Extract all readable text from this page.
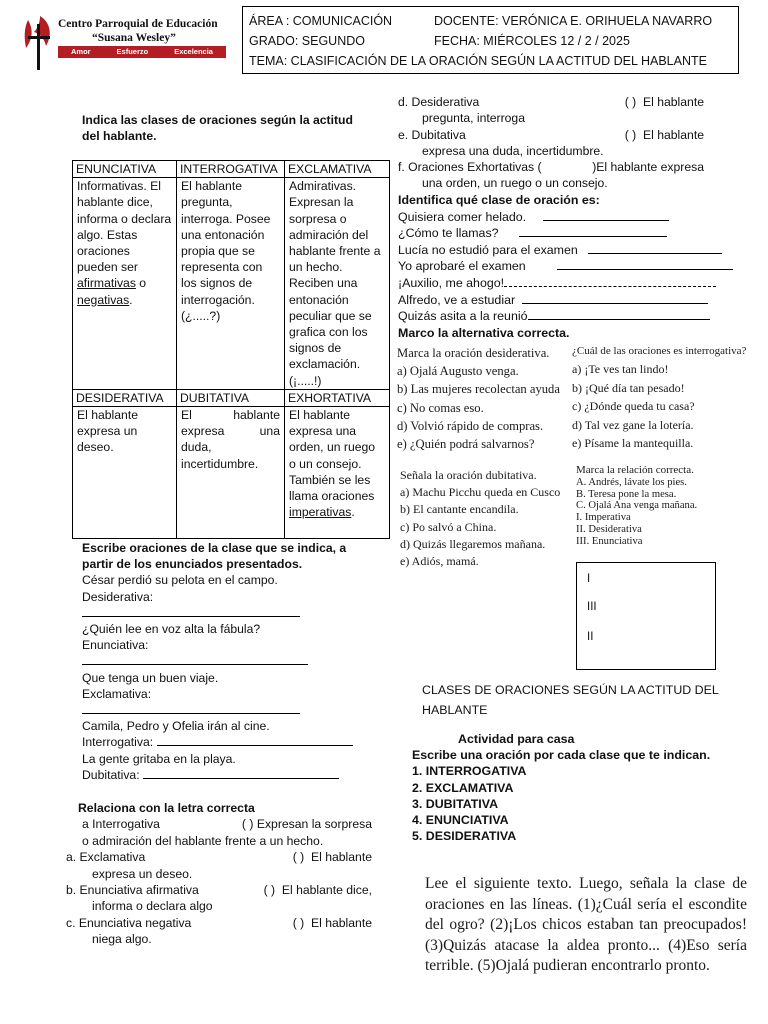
Centro Parroquial de Educación
“Susana Wesley”
Amor	Esfuerzo	Excelencia
ÁREA : COMUNICACIÓN	DOCENTE: VERÓNICA E. ORIHUELA NAVARRO
GRADO: SEGUNDO	FECHA: MIÉRCOLES 12 / 2 / 2025
TEMA: CLASIFICACIÓN DE LA ORACIÓN SEGÚN LA ACTITUD DEL HABLANTE
Indica las clases de oraciones según la actitud del hablante.
ENUNCIATIVA	INTERROGATIVA	EXCLAMATIVA
Informativas. El hablante dice, informa o declara algo. Estas oraciones pueden ser afirmativas o negativas.	El hablante pregunta, interroga. Posee una entonación propia que se representa con los signos de interrogación. (¿.....?)	Admirativas. Expresan la sorpresa o admiración del hablante frente a un hecho. Reciben una entonación peculiar que se grafica con los signos de exclamación. (¡.....!)
DESIDERATIVA	DUBITATIVA	EXHORTATIVA
El hablante expresa un deseo.	El hablante expresa una duda, incertidumbre.	El hablante expresa una orden, un ruego o un consejo. También se les llama oraciones imperativas.
Escribe oraciones de la clase que se indica, a partir de los enunciados presentados.
César perdió su pelota en el campo.
Desiderativa:
¿Quién lee en voz alta la fábula?
Enunciativa:
Que tenga un buen viaje.
Exclamativa:
Camila, Pedro y Ofelia irán al cine.
Interrogativa:
La gente gritaba en la playa.
Dubitativa:
Relaciona con la letra correcta
a Interrogativa	( ) Expresan la sorpresa
o admiración del hablante frente a un hecho.
a. Exclamativa	( ) El hablante
expresa un deseo.
b. Enunciativa afirmativa	( ) El hablante dice,
informa o declara algo
c. Enunciativa negativa	( ) El hablante
niega algo.
d. Desiderativa	( ) El hablante
pregunta, interroga
e. Dubitativa	( ) El hablante
expresa una duda, incertidumbre.
f. Oraciones Exhortativas (	)El hablante expresa
una orden, un ruego o un consejo.
Identifica qué clase de oración es:
Quisiera comer helado.
¿Cómo te llamas?
Lucía no estudió para el examen
Yo aprobaré el examen
¡Auxilio, me ahogo!
Alfredo, ve a estudiar
Quizás asita a la reunió
Marco la alternativa correcta.
Marca la oración desiderativa.
a) Ojalá Augusto venga.
b) Las mujeres recolectan ayuda
c) No comas eso.
d) Volvió rápido de compras.
e) ¿Quién podrá salvarnos?
¿Cuál de las oraciones es interrogativa?
a) ¡Te ves tan lindo!
b) ¡Qué día tan pesado!
c) ¿Dónde queda tu casa?
d) Tal vez gane la lotería.
e) Písame la mantequilla.
Señala la oración dubitativa.
a) Machu Picchu queda en Cusco
b) El cantante encandila.
c) Po salvó a China.
d) Quizás llegaremos mañana.
e) Adiós, mamá.
Marca la relación correcta.
A. Andrés, lávate los pies.
B. Teresa pone la mesa.
C. Ojalá Ana venga mañana.
I. Imperativa
II. Desiderativa
III. Enunciativa
I
III
II
CLASES DE ORACIONES SEGÚN LA ACTITUD DEL HABLANTE
Actividad para casa
Escribe una oración por cada clase que te indican.
1. INTERROGATIVA
2. EXCLAMATIVA
3. DUBITATIVA
4. ENUNCIATIVA
5. DESIDERATIVA
Lee el siguiente texto. Luego, señala la clase de oraciones en las líneas. (1)¿Cuál sería el escondite del ogro? (2)¡Los chicos estaban tan preocupados! (3)Quizás atacase la aldea pronto... (4)Eso sería terrible. (5)Ojalá pudieran encontrarlo pronto.
